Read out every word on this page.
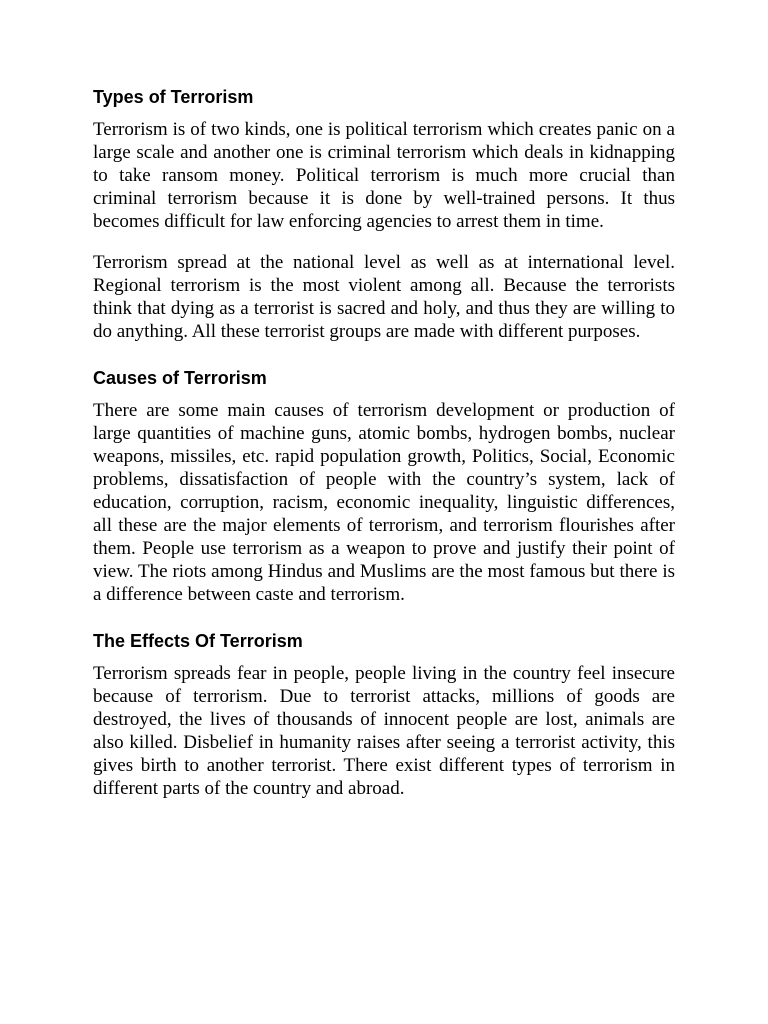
Types of Terrorism

Terrorism is of two kinds, one is political terrorism which creates panic on a large scale and another one is criminal terrorism which deals in kidnapping to take ransom money. Political terrorism is much more crucial than criminal terrorism because it is done by well-trained persons. It thus becomes difficult for law enforcing agencies to arrest them in time.

Terrorism spread at the national level as well as at international level. Regional terrorism is the most violent among all. Because the terrorists think that dying as a terrorist is sacred and holy, and thus they are willing to do anything. All these terrorist groups are made with different purposes.

Causes of Terrorism

There are some main causes of terrorism development or production of large quantities of machine guns, atomic bombs, hydrogen bombs, nuclear weapons, missiles, etc. rapid population growth, Politics, Social, Economic problems, dissatisfaction of people with the country’s system, lack of education, corruption, racism, economic inequality, linguistic differences, all these are the major elements of terrorism, and terrorism flourishes after them. People use terrorism as a weapon to prove and justify their point of view. The riots among Hindus and Muslims are the most famous but there is a difference between caste and terrorism.

The Effects Of Terrorism

Terrorism spreads fear in people, people living in the country feel insecure because of terrorism. Due to terrorist attacks, millions of goods are destroyed, the lives of thousands of innocent people are lost, animals are also killed. Disbelief in humanity raises after seeing a terrorist activity, this gives birth to another terrorist. There exist different types of terrorism in different parts of the country and abroad.
